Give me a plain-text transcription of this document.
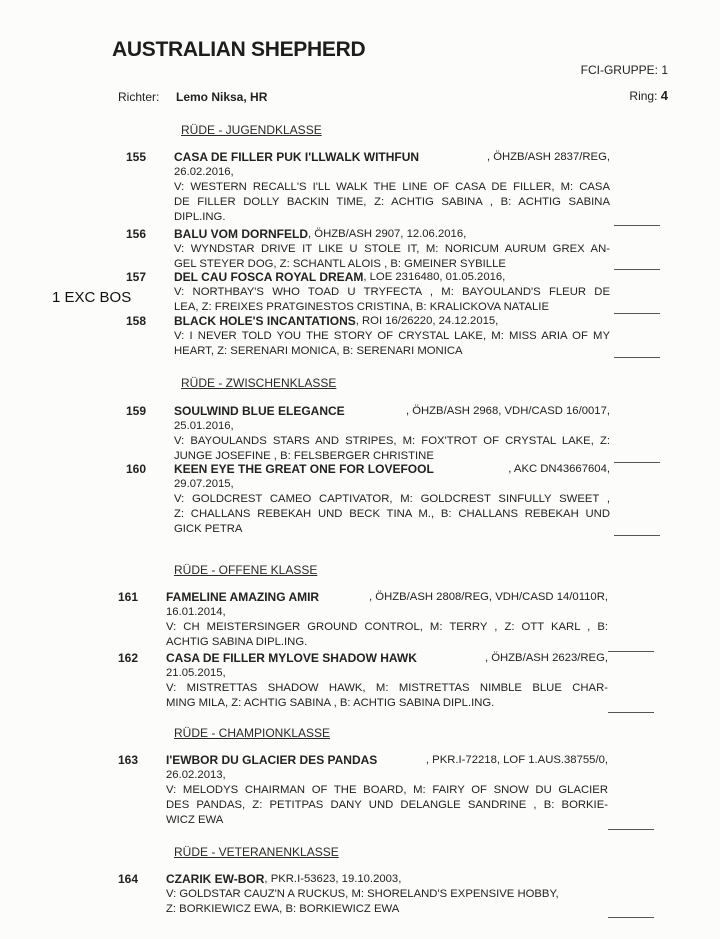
AUSTRALIAN SHEPHERD
FCI-GRUPPE: 1
Richter: Lemo Niksa, HR	Ring: 4
1 EXC BOS
RÜDE - JUGENDKLASSE
RÜDE - ZWISCHENKLASSE
RÜDE - OFFENE KLASSE
RÜDE - CHAMPIONKLASSE
RÜDE - VETERANENKLASSE
155 CASA DE FILLER PUK I'LLWALK WITHFUN	, ÖHZB/ASH 2837/REG,
26.02.2016,
V: WESTERN RECALL'S I'LL WALK THE LINE OF CASA DE FILLER, M: CASA
DE FILLER DOLLY BACKIN TIME, Z: ACHTIG SABINA , B: ACHTIG SABINA
DIPL.ING.
156 BALU VOM DORNFELD , ÖHZB/ASH 2907, 12.06.2016,
V: WYNDSTAR DRIVE IT LIKE U STOLE IT, M: NORICUM AURUM GREX AN-
GEL STEYER DOG, Z: SCHANTL ALOIS , B: GMEINER SYBILLE
157 DEL CAU FOSCA ROYAL DREAM , LOE 2316480, 01.05.2016,
V: NORTHBAY'S WHO TOAD U TRYFECTA , M: BAYOULAND'S FLEUR DE
LEA, Z: FREIXES PRATGINESTOS CRISTINA, B: KRALICKOVA NATALIE
158 BLACK HOLE'S INCANTATIONS , ROI 16/26220, 24.12.2015,
V: I NEVER TOLD YOU THE STORY OF CRYSTAL LAKE, M: MISS ARIA OF MY
HEART, Z: SERENARI MONICA, B: SERENARI MONICA
159 SOULWIND BLUE ELEGANCE	, ÖHZB/ASH 2968, VDH/CASD 16/0017,
25.01.2016,
V: BAYOULANDS STARS AND STRIPES, M: FOX'TROT OF CRYSTAL LAKE, Z:
JUNGE JOSEFINE , B: FELSBERGER CHRISTINE
160 KEEN EYE THE GREAT ONE FOR LOVEFOOL	, AKC DN43667604,
29.07.2015,
V: GOLDCREST CAMEO CAPTIVATOR, M: GOLDCREST SINFULLY SWEET ,
Z: CHALLANS REBEKAH UND BECK TINA M., B: CHALLANS REBEKAH UND
GICK PETRA
161 FAMELINE AMAZING AMIR	, ÖHZB/ASH 2808/REG, VDH/CASD 14/0110R,
16.01.2014,
V: CH MEISTERSINGER GROUND CONTROL, M: TERRY , Z: OTT KARL , B:
ACHTIG SABINA DIPL.ING.
162 CASA DE FILLER MYLOVE SHADOW HAWK	, ÖHZB/ASH 2623/REG,
21.05.2015,
V: MISTRETTAS SHADOW HAWK, M: MISTRETTAS NIMBLE BLUE CHAR-
MING MILA, Z: ACHTIG SABINA , B: ACHTIG SABINA DIPL.ING.
163 I'EWBOR DU GLACIER DES PANDAS	, PKR.I-72218, LOF 1.AUS.38755/0,
26.02.2013,
V: MELODYS CHAIRMAN OF THE BOARD, M: FAIRY OF SNOW DU GLACIER
DES PANDAS, Z: PETITPAS DANY UND DELANGLE SANDRINE , B: BORKIE-
WICZ EWA
164 CZARIK EW-BOR , PKR.I-53623, 19.10.2003,
V: GOLDSTAR CAUZ'N A RUCKUS, M: SHORELAND'S EXPENSIVE HOBBY,
Z: BORKIEWICZ EWA, B: BORKIEWICZ EWA
